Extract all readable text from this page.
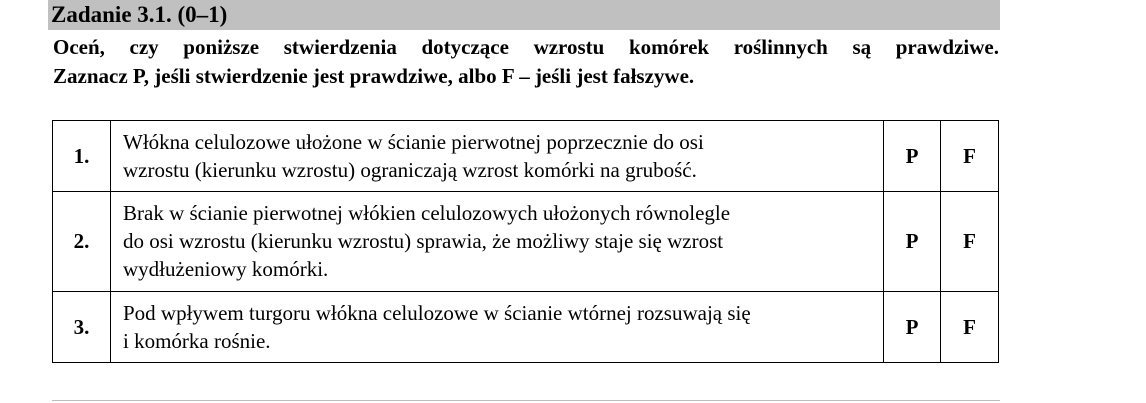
Zadanie 3.1. (0–1)
Oceń, czy poniższe stwierdzenia dotyczące wzrostu komórek roślinnych są prawdziwe.
Zaznacz P, jeśli stwierdzenie jest prawdziwe, albo F – jeśli jest fałszywe.
1.	Włókna celulozowe ułożone w ścianie pierwotnej poprzecznie do osi
wzrostu (kierunku wzrostu) ograniczają wzrost komórki na grubość.	P	F
2.	Brak w ścianie pierwotnej włókien celulozowych ułożonych równolegle
do osi wzrostu (kierunku wzrostu) sprawia, że możliwy staje się wzrost
wydłużeniowy komórki.	P	F
3.	Pod wpływem turgoru włókna celulozowe w ścianie wtórnej rozsuwają się
i komórka rośnie.	P	F
